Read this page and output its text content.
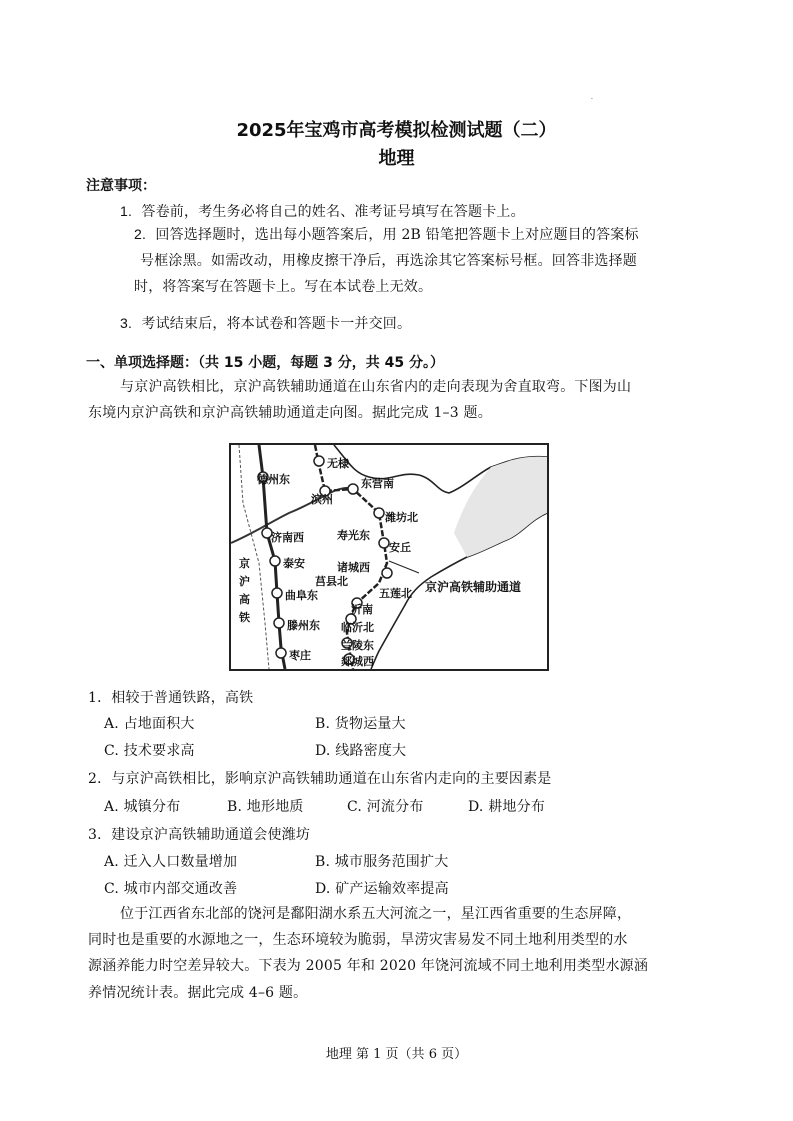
·
2025年宝鸡市高考模拟检测试题（二）
地理
注意事项：
1. 答卷前，考生务必将自己的姓名、准考证号填写在答题卡上。
2. 回答选择题时，选出每小题答案后，用 2B 铅笔把答题卡上对应题目的答案标
号框涂黑。如需改动，用橡皮擦干净后，再选涂其它答案标号框。回答非选择题
时，将答案写在答题卡上。写在本试卷上无效。
3. 考试结束后，将本试卷和答题卡一并交回。
一、单项选择题：（共 15 小题，每题 3 分，共 45 分。）
与京沪高铁相比，京沪高铁辅助通道在山东省内的走向表现为舍直取弯。下图为山
东境内京沪高铁和京沪高铁辅助通道走向图。据此完成 1–3 题。
德州东
济南西
泰安
曲阜东
滕州东
枣庄
无棣
滨州
东营南
潍坊北
寿光东
安丘
诸城西
莒县北
五莲北
沂南
临沂北
兰陵东
郯城西
京
沪
高
铁
京沪高铁辅助通道
1．相较于普通铁路，高铁
A. 占地面积大	B. 货物运量大
C. 技术要求高	D. 线路密度大
2．与京沪高铁相比，影响京沪高铁辅助通道在山东省内走向的主要因素是
A. 城镇分布	B. 地形地质	C. 河流分布	D. 耕地分布
3．建设京沪高铁辅助通道会使潍坊
A. 迁入人口数量增加	B. 城市服务范围扩大
C. 城市内部交通改善	D. 矿产运输效率提高
位于江西省东北部的饶河是鄱阳湖水系五大河流之一，星江西省重要的生态屏障，
同时也是重要的水源地之一，生态环境较为脆弱，旱涝灾害易发不同土地利用类型的水
源涵养能力时空差异较大。下表为 2005 年和 2020 年饶河流域不同土地利用类型水源涵
养情况统计表。据此完成 4–6 题。
地理 第 1 页（共 6 页）
